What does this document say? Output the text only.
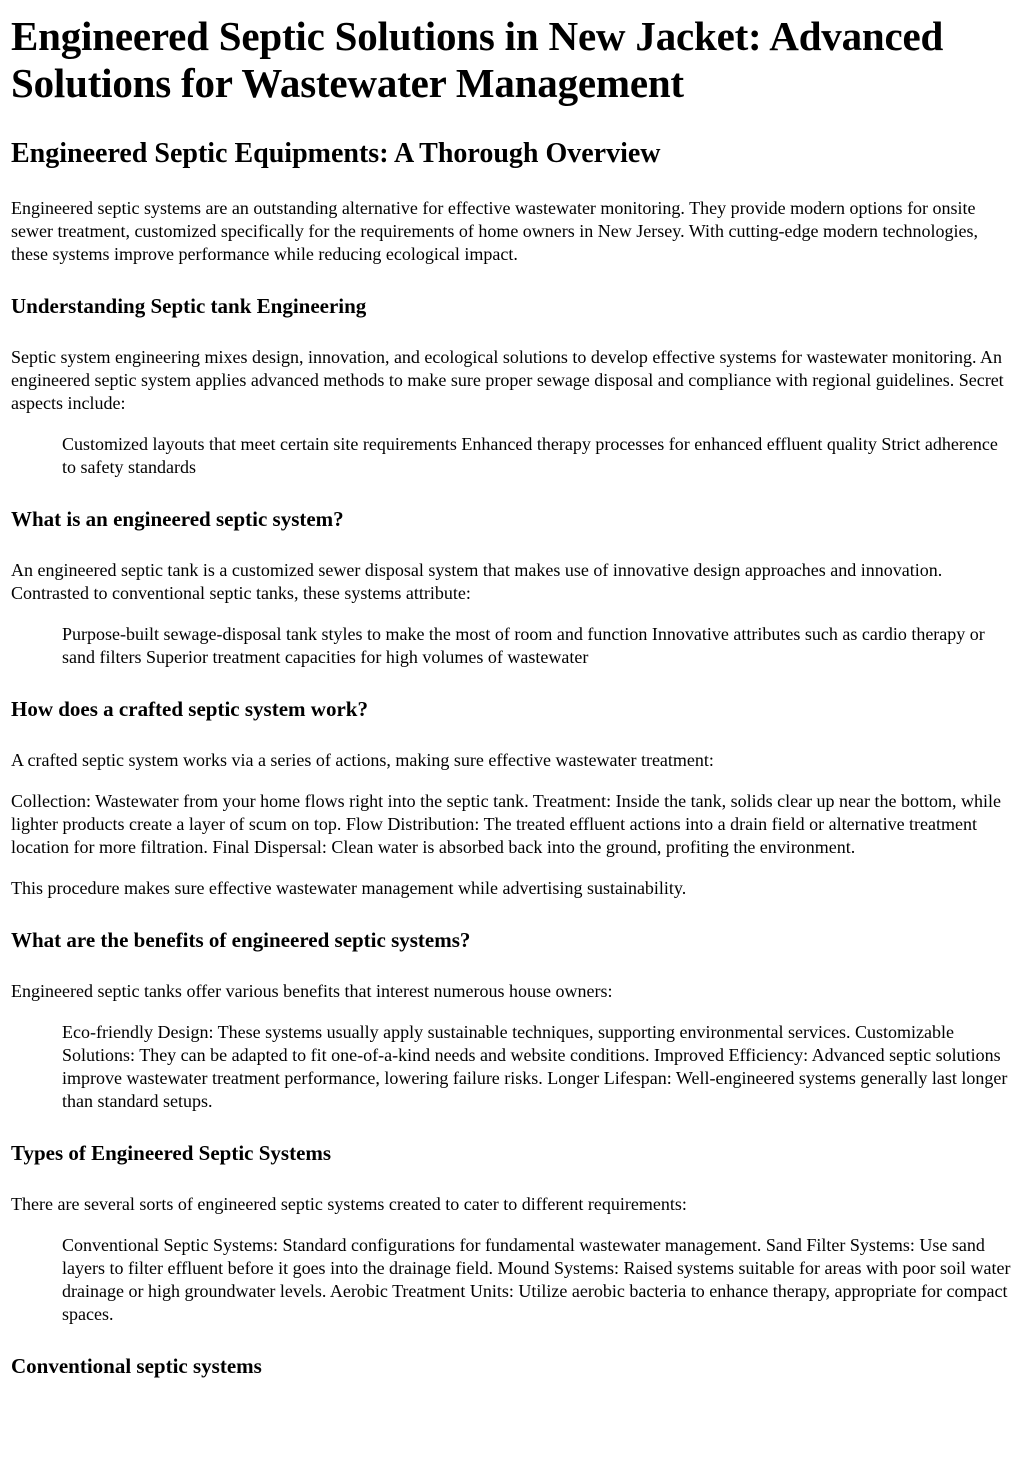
Engineered Septic Solutions in New Jacket: Advanced Solutions for Wastewater Management
Engineered Septic Equipments: A Thorough Overview

Engineered septic systems are an outstanding alternative for effective wastewater monitoring. They provide modern options for onsite sewer treatment, customized specifically for the requirements of home owners in New Jersey. With cutting-edge modern technologies, these systems improve performance while reducing ecological impact.

Understanding Septic tank Engineering

Septic system engineering mixes design, innovation, and ecological solutions to develop effective systems for wastewater monitoring. An engineered septic system applies advanced methods to make sure proper sewage disposal and compliance with regional guidelines. Secret aspects include:

Customized layouts that meet certain site requirements Enhanced therapy processes for enhanced effluent quality Strict adherence to safety standards
What is an engineered septic system?

An engineered septic tank is a customized sewer disposal system that makes use of innovative design approaches and innovation. Contrasted to conventional septic tanks, these systems attribute:

Purpose-built sewage-disposal tank styles to make the most of room and function Innovative attributes such as cardio therapy or sand filters Superior treatment capacities for high volumes of wastewater
How does a crafted septic system work?

A crafted septic system works via a series of actions, making sure effective wastewater treatment:

Collection: Wastewater from your home flows right into the septic tank. Treatment: Inside the tank, solids clear up near the bottom, while lighter products create a layer of scum on top. Flow Distribution: The treated effluent actions into a drain field or alternative treatment location for more filtration. Final Dispersal: Clean water is absorbed back into the ground, profiting the environment.

This procedure makes sure effective wastewater management while advertising sustainability.

What are the benefits of engineered septic systems?

Engineered septic tanks offer various benefits that interest numerous house owners:

Eco-friendly Design: These systems usually apply sustainable techniques, supporting environmental services. Customizable Solutions: They can be adapted to fit one-of-a-kind needs and website conditions. Improved Efficiency: Advanced septic solutions improve wastewater treatment performance, lowering failure risks. Longer Lifespan: Well-engineered systems generally last longer than standard setups.
Types of Engineered Septic Systems

There are several sorts of engineered septic systems created to cater to different requirements:

Conventional Septic Systems: Standard configurations for fundamental wastewater management. Sand Filter Systems: Use sand layers to filter effluent before it goes into the drainage field. Mound Systems: Raised systems suitable for areas with poor soil water drainage or high groundwater levels. Aerobic Treatment Units: Utilize aerobic bacteria to enhance therapy, appropriate for compact spaces.
Conventional septic systems
